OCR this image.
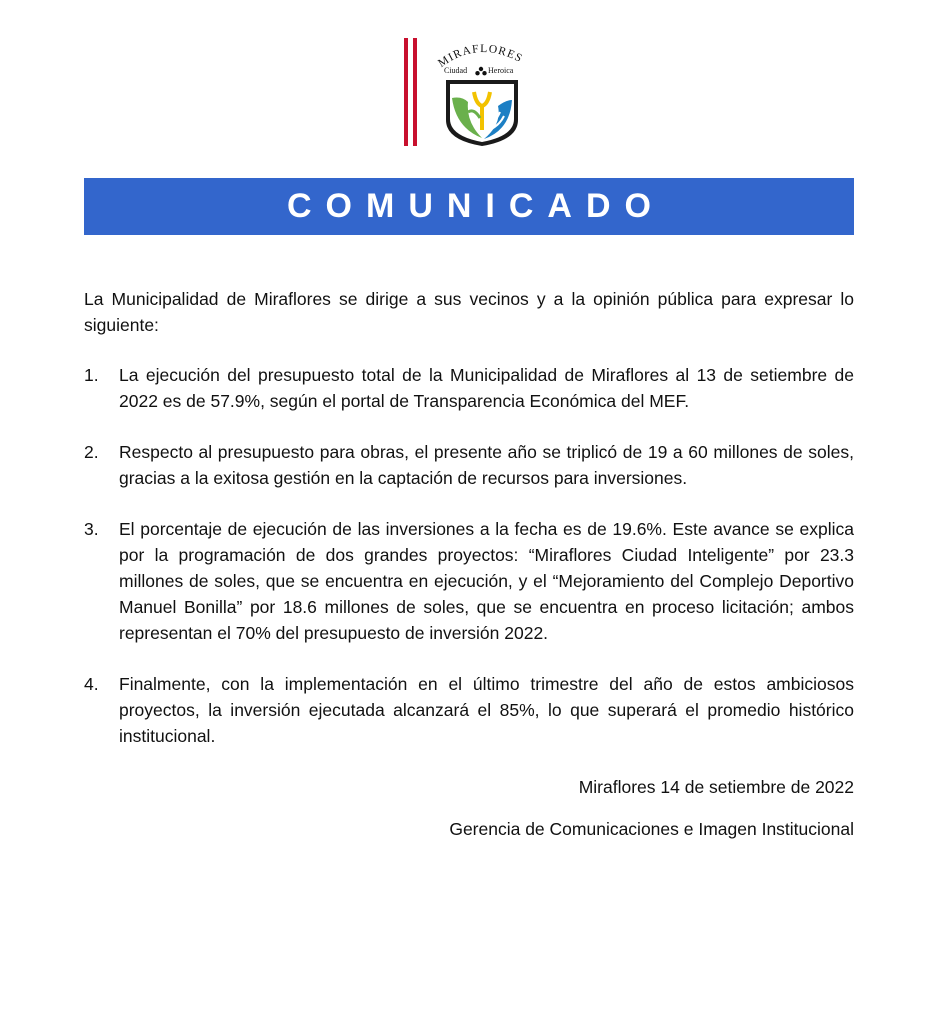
MIRAFLORES
Ciudad	Heroica
COMUNICADO

La Municipalidad de Miraflores se dirige a sus vecinos y a la opinión pública para expresar lo siguiente:

1.	La ejecución del presupuesto total de la Municipalidad de Miraflores al 13 de setiembre de 2022 es de 57.9%, según el portal de Transparencia Económica del MEF.
2.	Respecto al presupuesto para obras, el presente año se triplicó de 19 a 60 millones de soles, gracias a la exitosa gestión en la captación de recursos para inversiones.
3.	El porcentaje de ejecución de las inversiones a la fecha es de 19.6%. Este avance se explica por la programación de dos grandes proyectos: “Miraflores Ciudad Inteligente” por 23.3 millones de soles, que se encuentra en ejecución, y el “Mejoramiento del Complejo Deportivo Manuel Bonilla” por 18.6 millones de soles, que se encuentra en proceso licitación; ambos representan el 70% del presupuesto de inversión 2022.
4.	Finalmente, con la implementación en el último trimestre del año de estos ambiciosos proyectos, la inversión ejecutada alcanzará el 85%, lo que superará el promedio histórico institucional.

Miraflores 14 de setiembre de 2022

Gerencia de Comunicaciones e Imagen Institucional
